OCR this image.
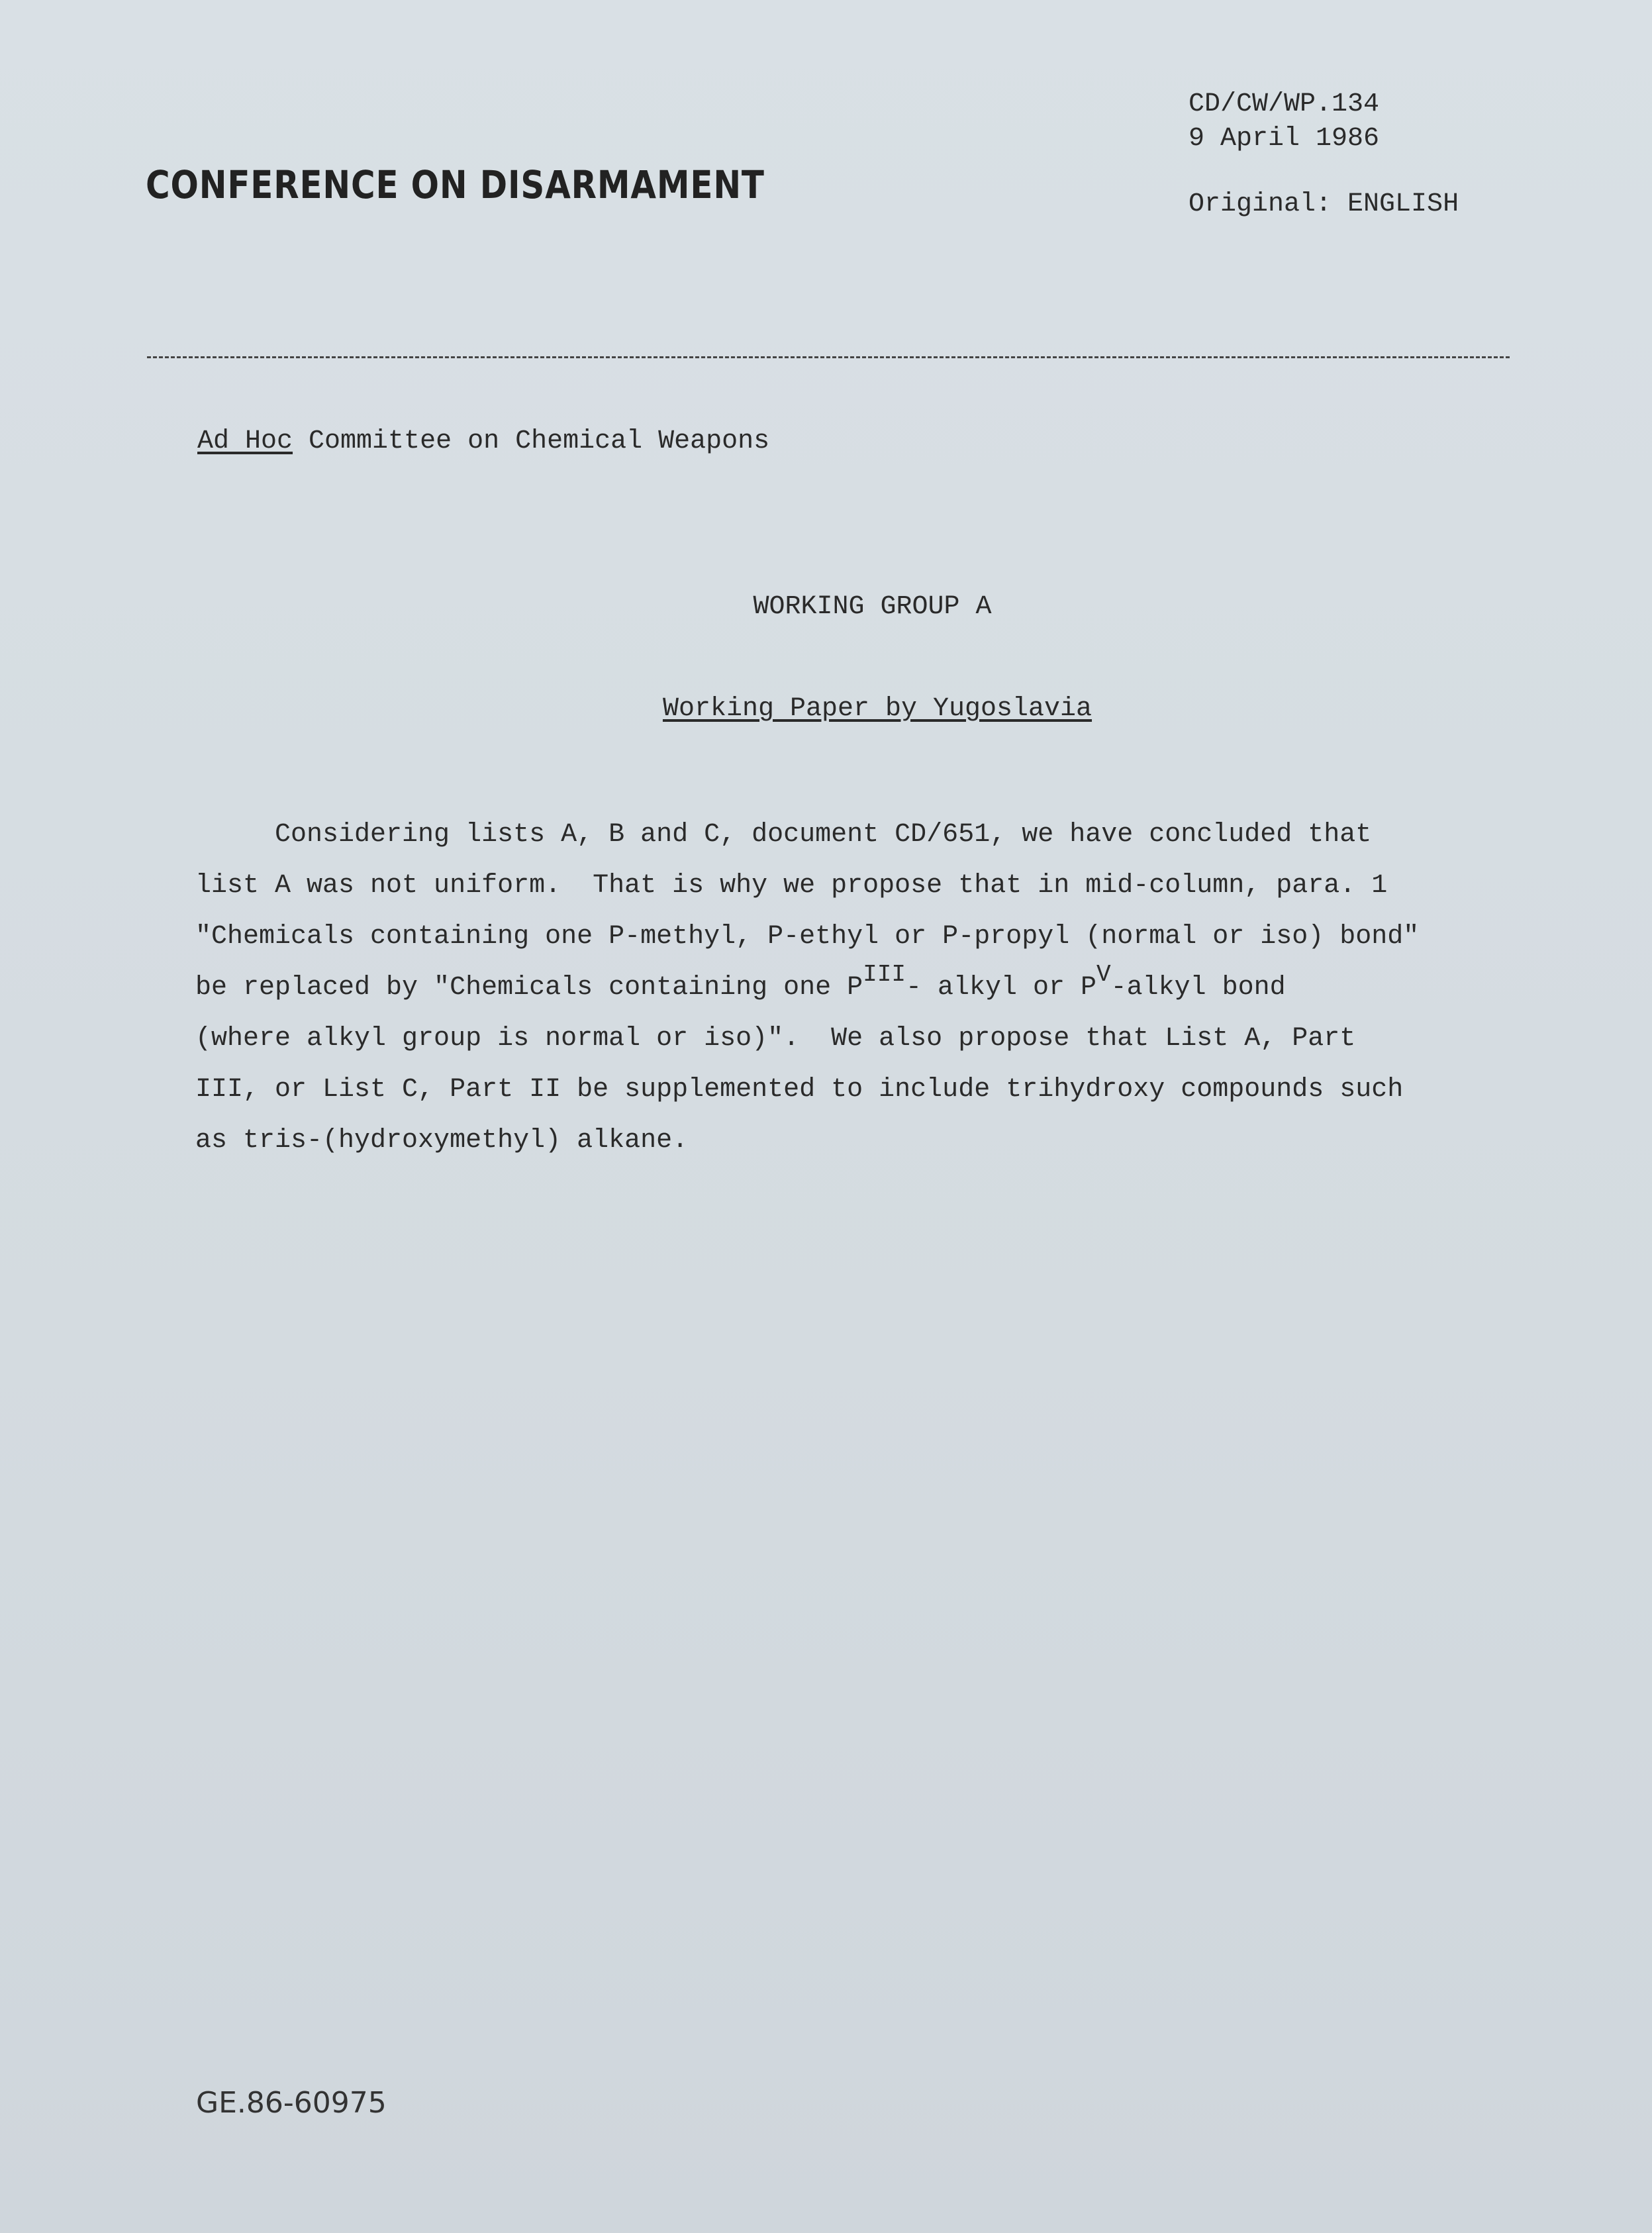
CD/CW/WP.134
9 April 1986
Original: ENGLISH
CONFERENCE ON DISARMAMENT
Ad Hoc Committee on Chemical Weapons
WORKING GROUP A
Working Paper by Yugoslavia
Considering lists A, B and C, document CD/651, we have concluded that
list A was not uniform.  That is why we propose that in mid-column, para. 1
"Chemicals containing one P-methyl, P-ethyl or P-propyl (normal or iso) bond"
be replaced by "Chemicals containing one $P^{III}-$ alkyl or $P^V$-alkyl bond
(where alkyl group is normal or iso)".  We also propose that List A, Part
III, or List C, Part II be supplemented to include trihydroxy compounds such
as tris-(hydroxymethyl) alkane.
GE.86-60975
